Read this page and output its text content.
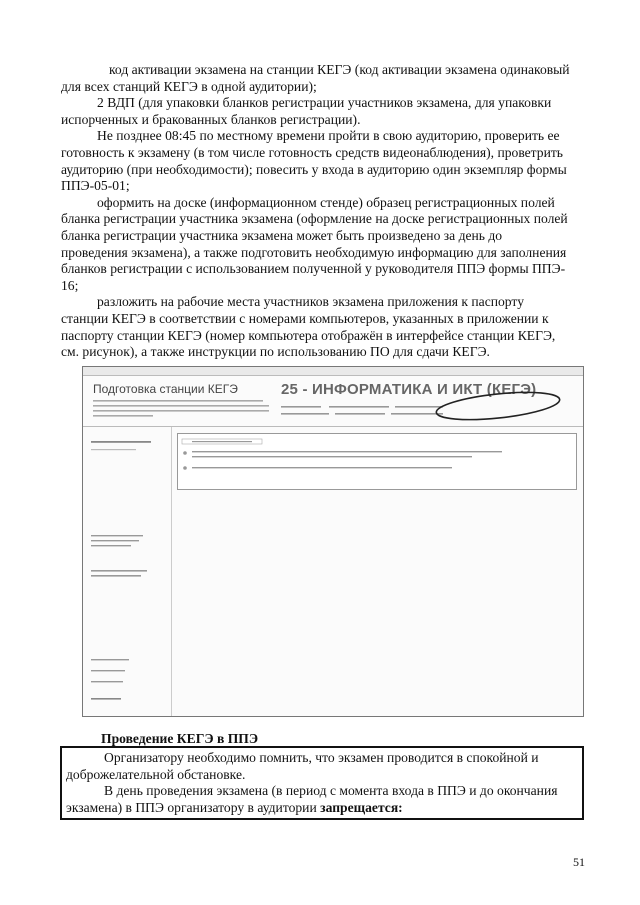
код активации экзамена на станции КЕГЭ (код активации экзамена одинаковый
для всех станций КЕГЭ в одной аудитории);

2 ВДП (для упаковки бланков регистрации участников экзамена, для упаковки
испорченных и бракованных бланков регистрации).

Не позднее 08:45 по местному времени пройти в свою аудиторию, проверить ее
готовность к экзамену (в том числе готовность средств видеонаблюдения), проветрить
аудиторию (при необходимости); повесить у входа в аудиторию один экземпляр формы
ППЭ-05-01;

оформить на доске (информационном стенде) образец регистрационных полей
бланка регистрации участника экзамена (оформление на доске регистрационных полей
бланка регистрации участника экзамена может быть произведено за день до
проведения экзамена), а также подготовить необходимую информацию для заполнения
бланков регистрации с использованием полученной у руководителя ППЭ формы ППЭ-
16;

разложить на рабочие места участников экзамена приложения к паспорту
станции КЕГЭ в соответствии с номерами компьютеров, указанных в приложении к
паспорту станции КЕГЭ (номер компьютера отображён в интерфейсе станции КЕГЭ,
см. рисунок), а также инструкции по использованию ПО для сдачи КЕГЭ.

Подготовка станции КЕГЭ	25 - ИНФОРМАТИКА И ИКТ (КЕГЭ)
Проведение КЕГЭ в ППЭ

Организатору необходимо помнить, что экзамен проводится в спокойной и
доброжелательной обстановке.

В день проведения экзамена (в период с момента входа в ППЭ и до окончания
экзамена) в ППЭ организатору в аудитории запрещается:

51
